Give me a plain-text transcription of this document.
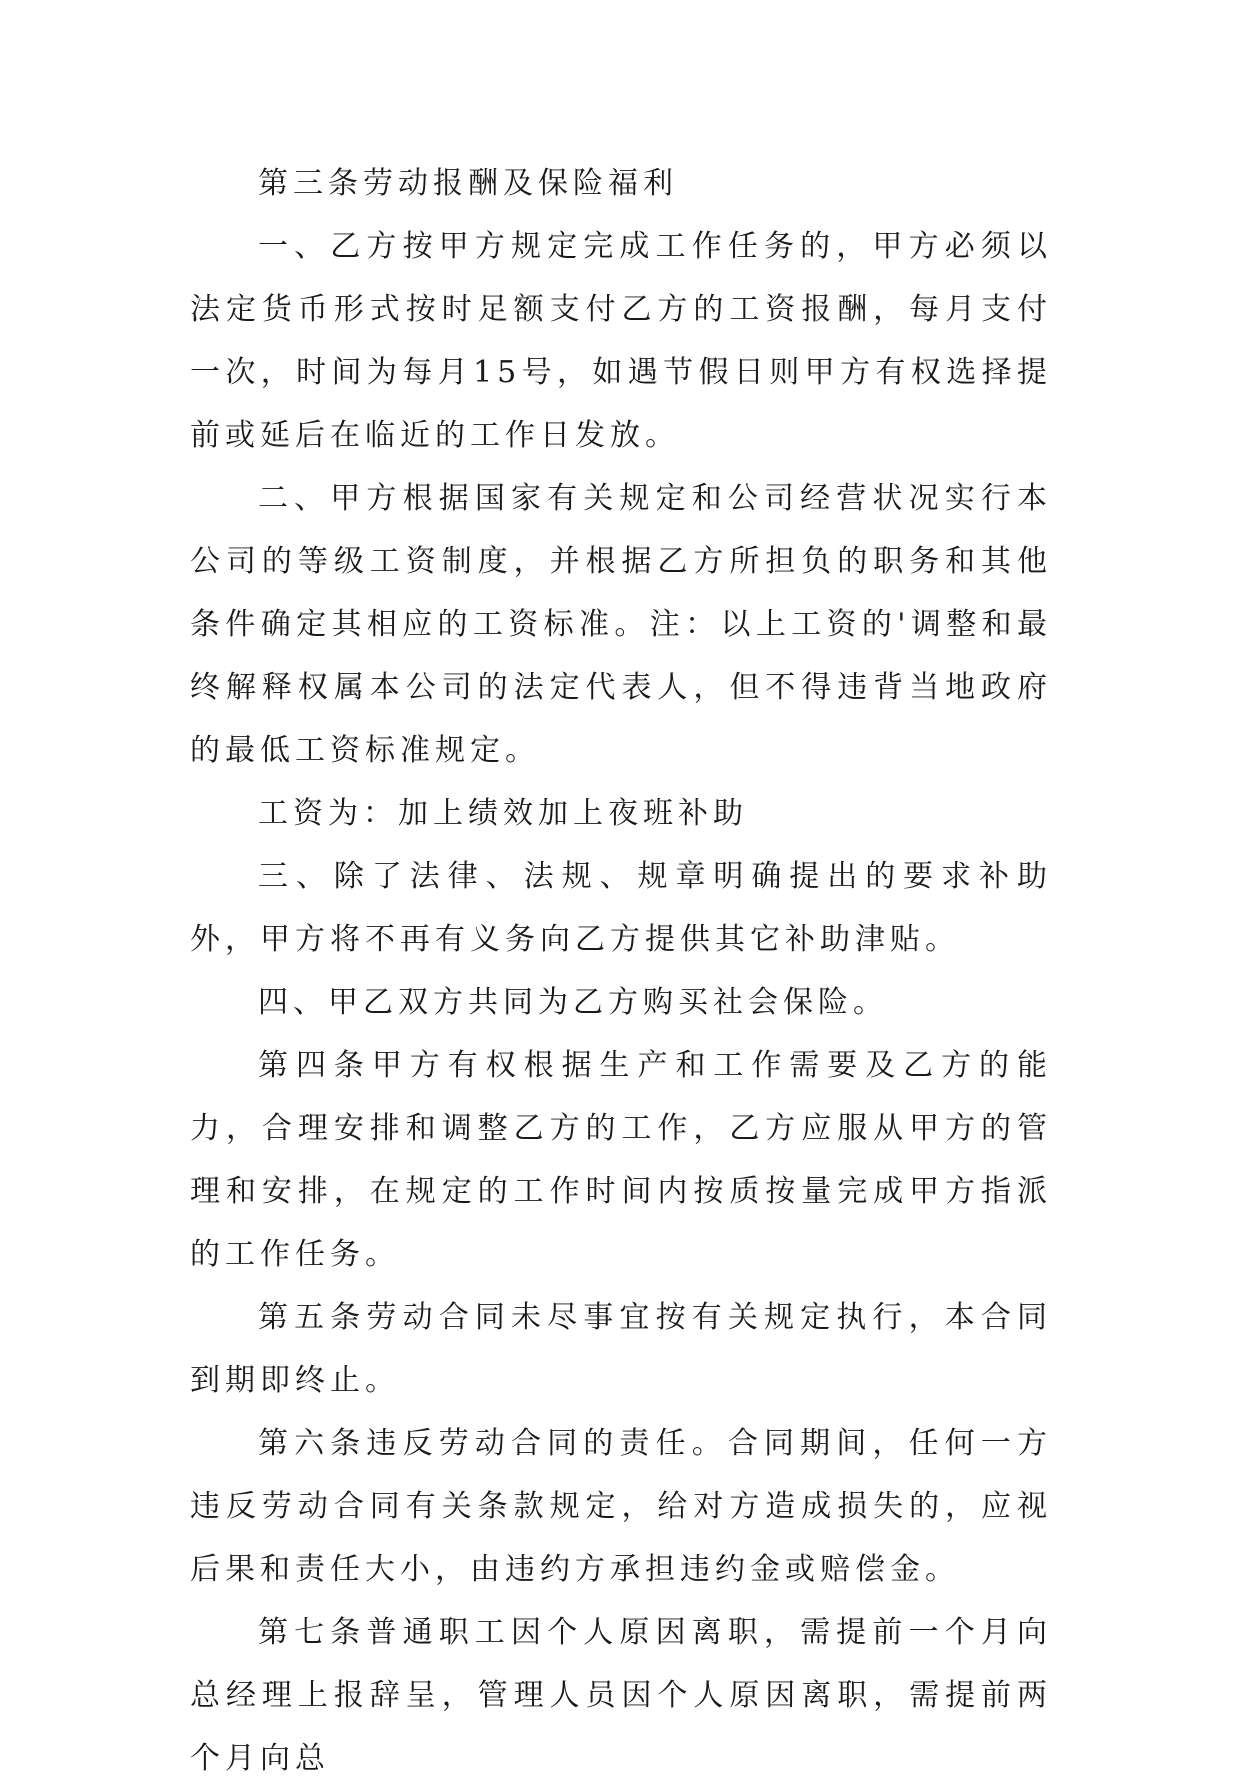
第三条劳动报酬及保险福利

一、乙方按甲方规定完成工作任务的，甲方必须以法定货币形式按时足额支付乙方的工资报酬，每月支付一次，时间为每月15号，如遇节假日则甲方有权选择提前或延后在临近的工作日发放。

二、甲方根据国家有关规定和公司经营状况实行本公司的等级工资制度，并根据乙方所担负的职务和其他条件确定其相应的工资标准。注：以上工资的'调整和最终解释权属本公司的法定代表人，但不得违背当地政府的最低工资标准规定。

工资为：加上绩效加上夜班补助

三、除了法律、法规、规章明确提出的要求补助外，甲方将不再有义务向乙方提供其它补助津贴。

四、甲乙双方共同为乙方购买社会保险。

第四条甲方有权根据生产和工作需要及乙方的能力，合理安排和调整乙方的工作，乙方应服从甲方的管理和安排，在规定的工作时间内按质按量完成甲方指派的工作任务。

第五条劳动合同未尽事宜按有关规定执行，本合同到期即终止。

第六条违反劳动合同的责任。合同期间，任何一方违反劳动合同有关条款规定，给对方造成损失的，应视后果和责任大小，由违约方承担违约金或赔偿金。

第七条普通职工因个人原因离职，需提前一个月向总经理上报辞呈，管理人员因个人原因离职，需提前两个月向总
